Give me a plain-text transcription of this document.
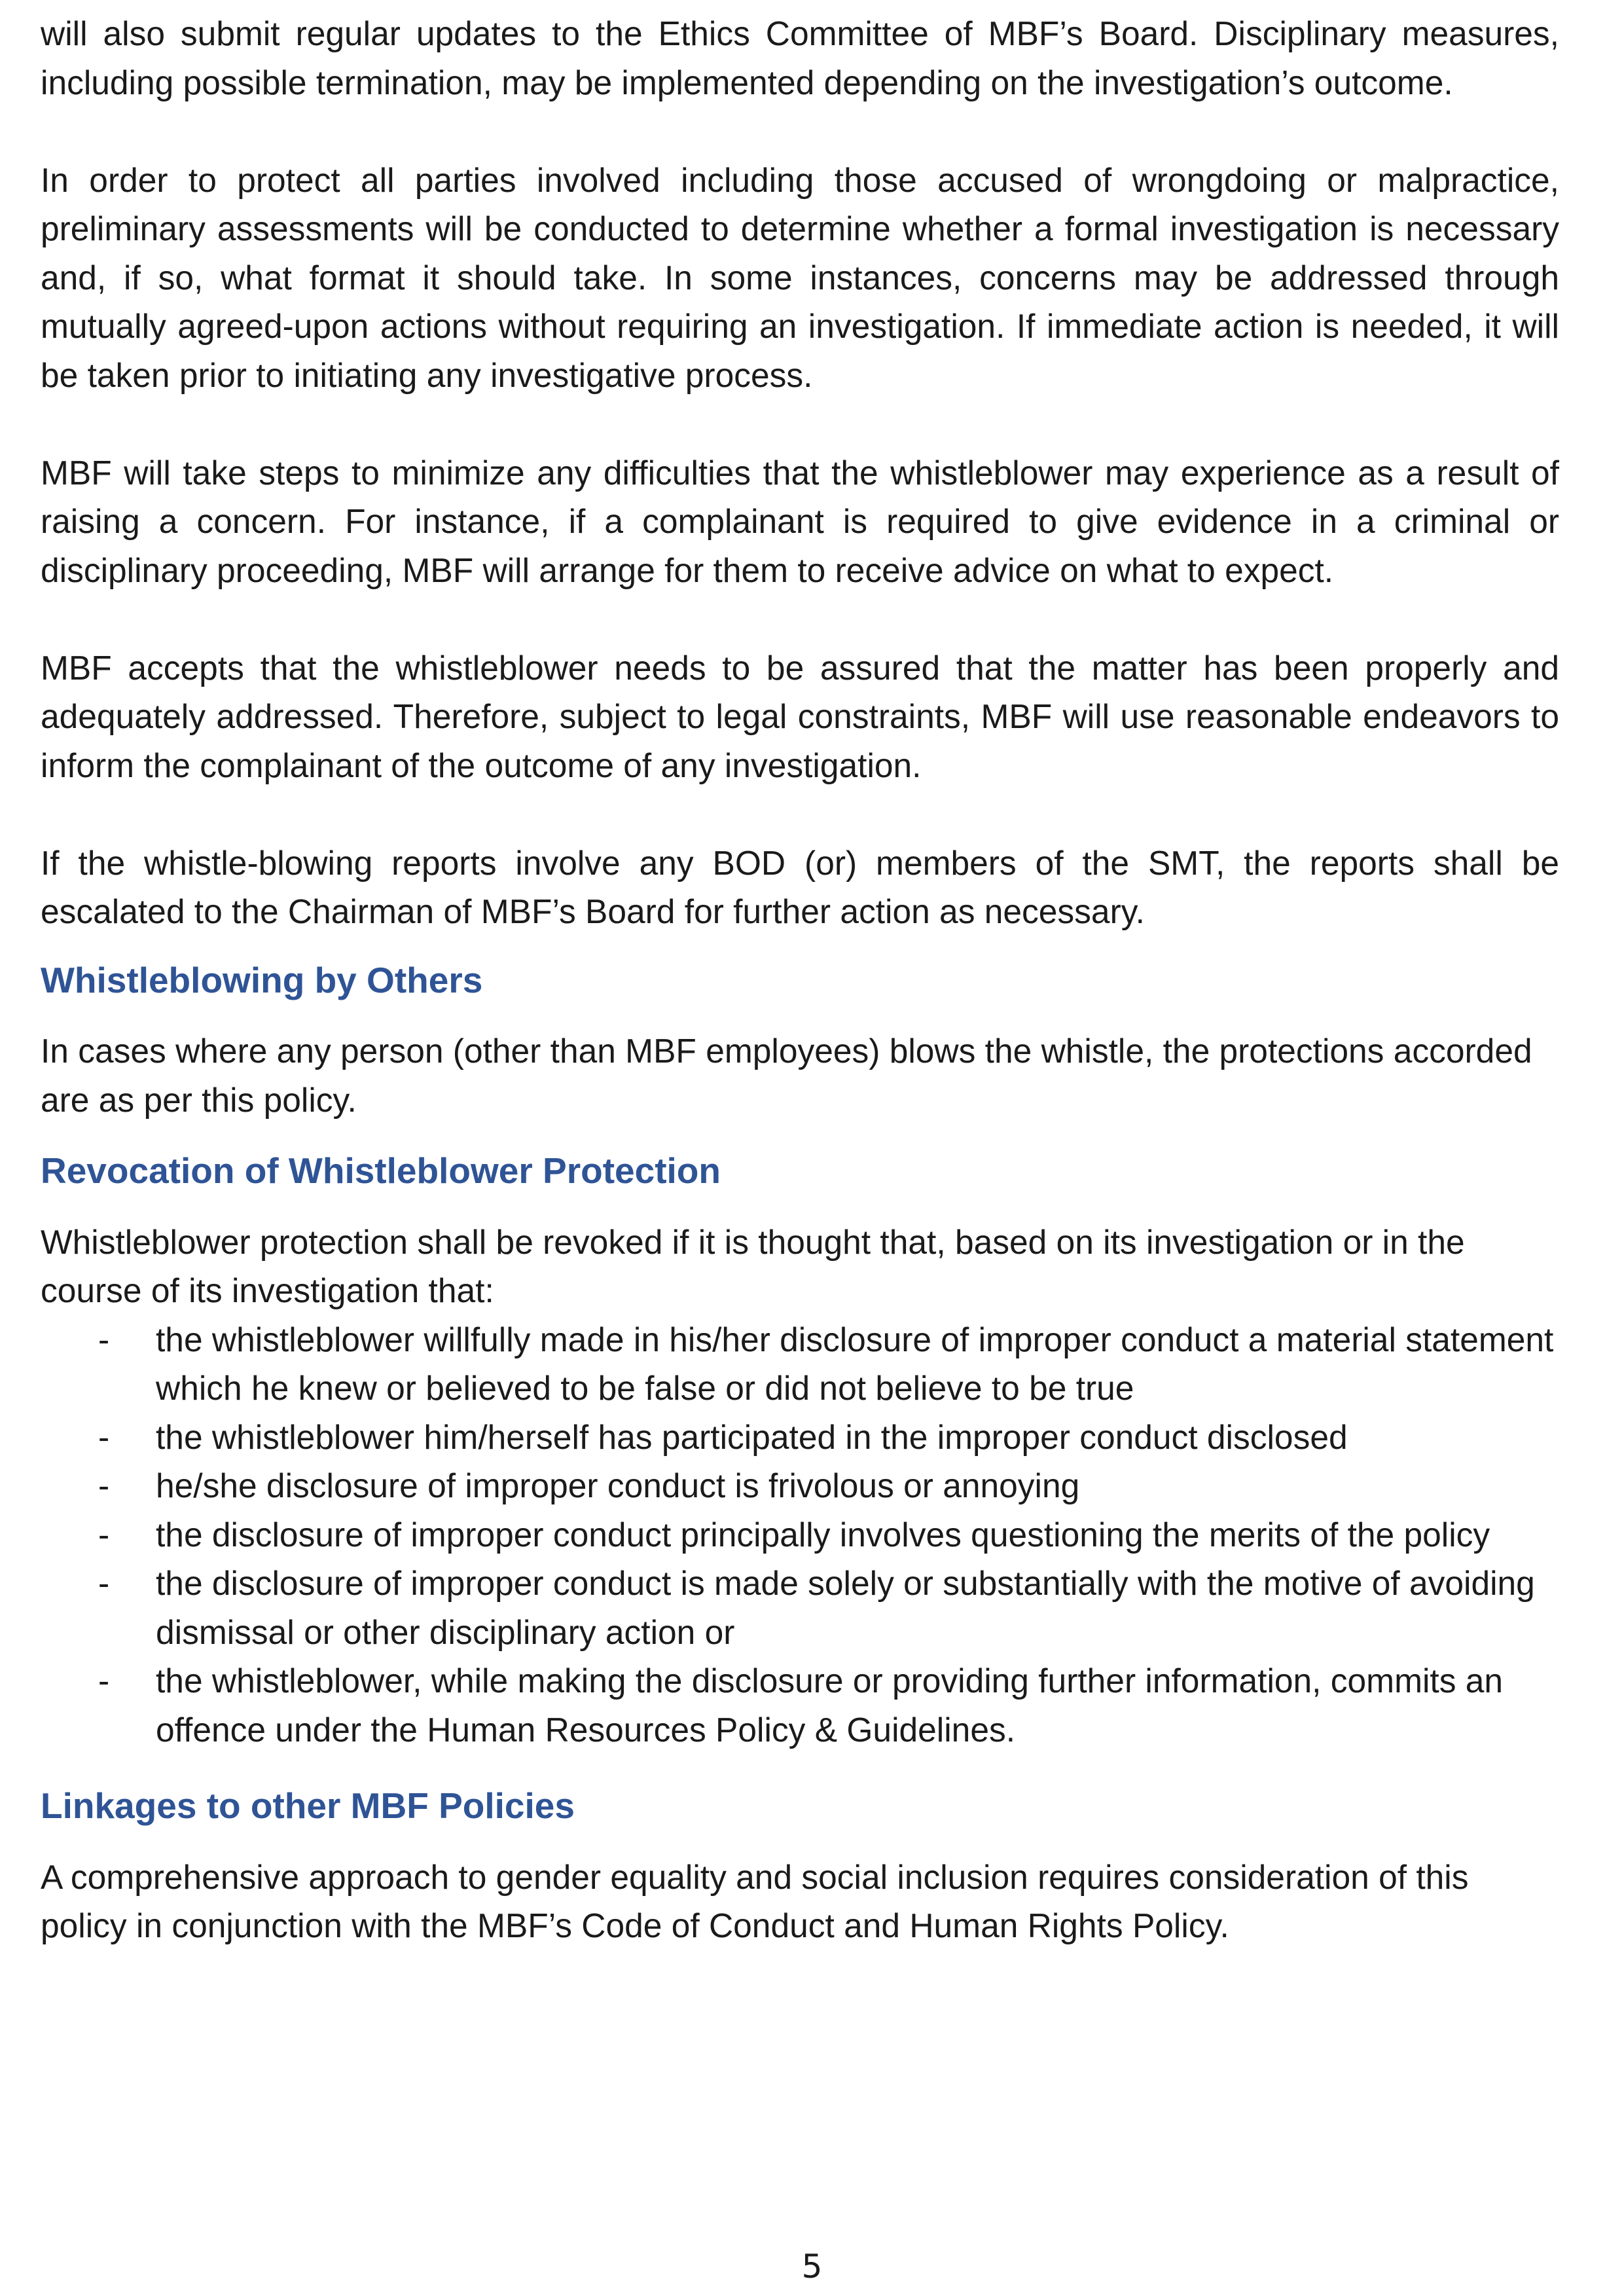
will also submit regular updates to the Ethics Committee of MBF’s Board. Disciplinary measures, including possible termination, may be implemented depending on the investigation’s outcome.

In order to protect all parties involved including those accused of wrongdoing or malpractice, preliminary assessments will be conducted to determine whether a formal investigation is necessary and, if so, what format it should take. In some instances, concerns may be addressed through mutually agreed-upon actions without requiring an investigation. If immediate action is needed, it will be taken prior to initiating any investigative process.

MBF will take steps to minimize any difficulties that the whistleblower may experience as a result of raising a concern. For instance, if a complainant is required to give evidence in a criminal or disciplinary proceeding, MBF will arrange for them to receive advice on what to expect.

MBF accepts that the whistleblower needs to be assured that the matter has been properly and adequately addressed. Therefore, subject to legal constraints, MBF will use reasonable endeavors to inform the complainant of the outcome of any investigation.

If the whistle-blowing reports involve any BOD (or) members of the SMT, the reports shall be escalated to the Chairman of MBF’s Board for further action as necessary.

Whistleblowing by Others

In cases where any person (other than MBF employees) blows the whistle, the protections accorded are as per this policy.

Revocation of Whistleblower Protection

Whistleblower protection shall be revoked if it is thought that, based on its investigation or in the course of its investigation that:

- the whistleblower willfully made in his/her disclosure of improper conduct a material statement which he knew or believed to be false or did not believe to be true
- the whistleblower him/herself has participated in the improper conduct disclosed
- he/she disclosure of improper conduct is frivolous or annoying
- the disclosure of improper conduct principally involves questioning the merits of the policy
- the disclosure of improper conduct is made solely or substantially with the motive of avoiding dismissal or other disciplinary action or
- the whistleblower, while making the disclosure or providing further information, commits an offence under the Human Resources Policy & Guidelines.
Linkages to other MBF Policies

A comprehensive approach to gender equality and social inclusion requires consideration of this policy in conjunction with the MBF’s Code of Conduct and Human Rights Policy.

5
